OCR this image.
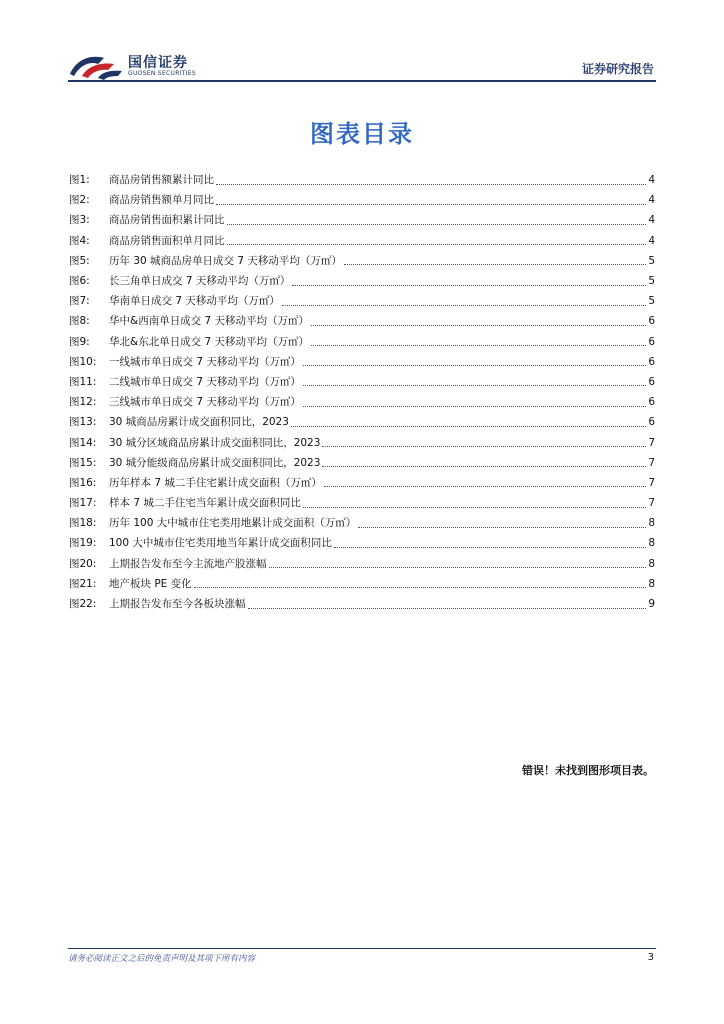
国信证券
GUOSEN SECURITIES	证券研究报告
图表目录
图1:	商品房销售额累计同比	4
图2:	商品房销售额单月同比	4
图3:	商品房销售面积累计同比	4
图4:	商品房销售面积单月同比	4
图5:	历年 30 城商品房单日成交 7 天移动平均（万㎡）	5
图6:	长三角单日成交 7 天移动平均（万㎡）	5
图7:	华南单日成交 7 天移动平均（万㎡）	5
图8:	华中&西南单日成交 7 天移动平均（万㎡）	6
图9:	华北&东北单日成交 7 天移动平均（万㎡）	6
图10:	一线城市单日成交 7 天移动平均（万㎡）	6
图11:	二线城市单日成交 7 天移动平均（万㎡）	6
图12:	三线城市单日成交 7 天移动平均（万㎡）	6
图13:	30 城商品房累计成交面积同比，2023	6
图14:	30 城分区域商品房累计成交面积同比，2023	7
图15:	30 城分能级商品房累计成交面积同比，2023	7
图16:	历年样本 7 城二手住宅累计成交面积（万㎡）	7
图17:	样本 7 城二手住宅当年累计成交面积同比	7
图18:	历年 100 大中城市住宅类用地累计成交面积（万㎡）	8
图19:	100 大中城市住宅类用地当年累计成交面积同比	8
图20:	上期报告发布至今主流地产股涨幅	8
图21:	地产板块 PE 变化	8
图22:	上期报告发布至今各板块涨幅	9
错误！未找到图形项目表。
请务必阅读正文之后的免责声明及其项下所有内容	3
